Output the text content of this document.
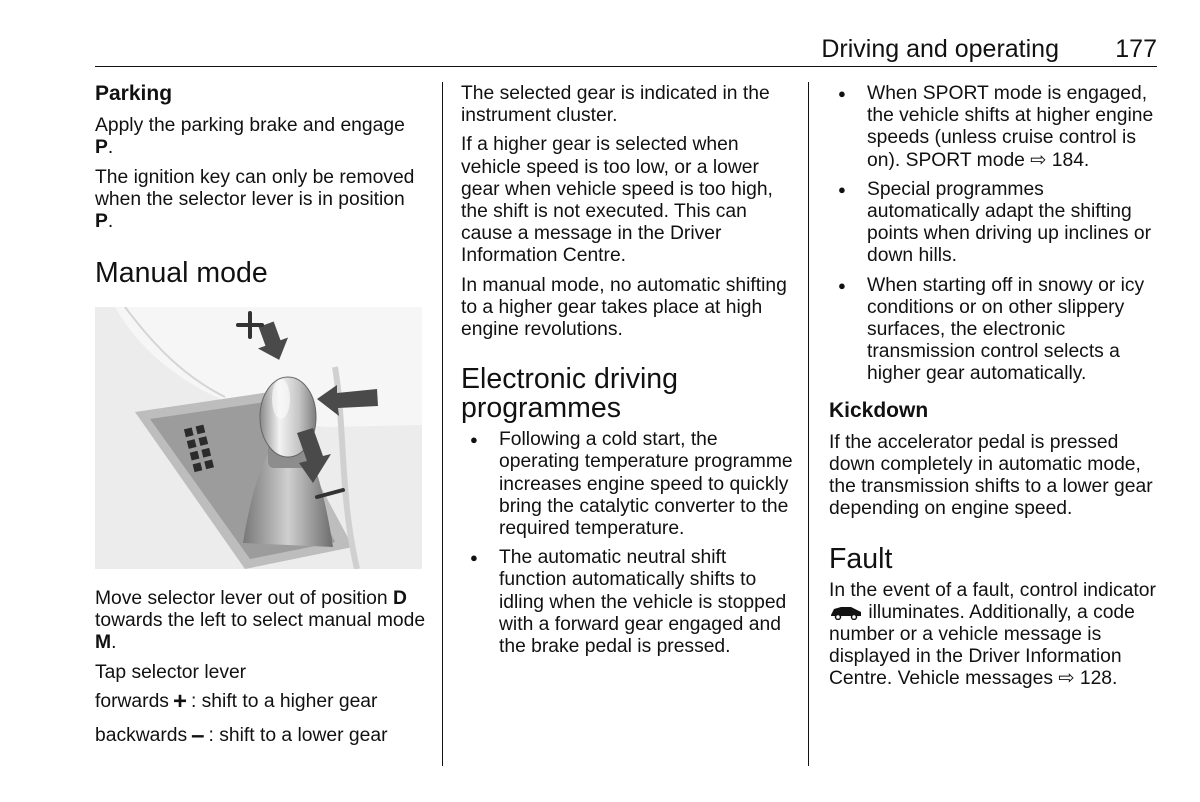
Driving and operating 177
Parking

Apply the parking brake and engage P.

The ignition key can only be removed when the selector lever is in position P.

Manual mode

Move selector lever out of position D towards the left to select manual mode M.

Tap selector lever

forwards + : shift to a higher gear
backwards – : shift to a lower gear

The selected gear is indicated in the instrument cluster.

If a higher gear is selected when vehicle speed is too low, or a lower gear when vehicle speed is too high, the shift is not executed. This can cause a message in the Driver Information Centre.

In manual mode, no automatic shifting to a higher gear takes place at high engine revolutions.

Electronic driving programmes
● Following a cold start, the operating temperature programme increases engine speed to quickly bring the catalytic converter to the required temperature.
● The automatic neutral shift function automatically shifts to idling when the vehicle is stopped with a forward gear engaged and the brake pedal is pressed.
● When SPORT mode is engaged, the vehicle shifts at higher engine speeds (unless cruise control is on). SPORT mode ⇨ 184.
● Special programmes automatically adapt the shifting points when driving up inclines or down hills.
● When starting off in snowy or icy conditions or on other slippery surfaces, the electronic transmission control selects a higher gear automatically.
Kickdown

If the accelerator pedal is pressed down completely in automatic mode, the transmission shifts to a lower gear depending on engine speed.

Fault

In the event of a fault, control indicator  illuminates. Additionally, a code number or a vehicle message is displayed in the Driver Information Centre. Vehicle messages ⇨ 128.
